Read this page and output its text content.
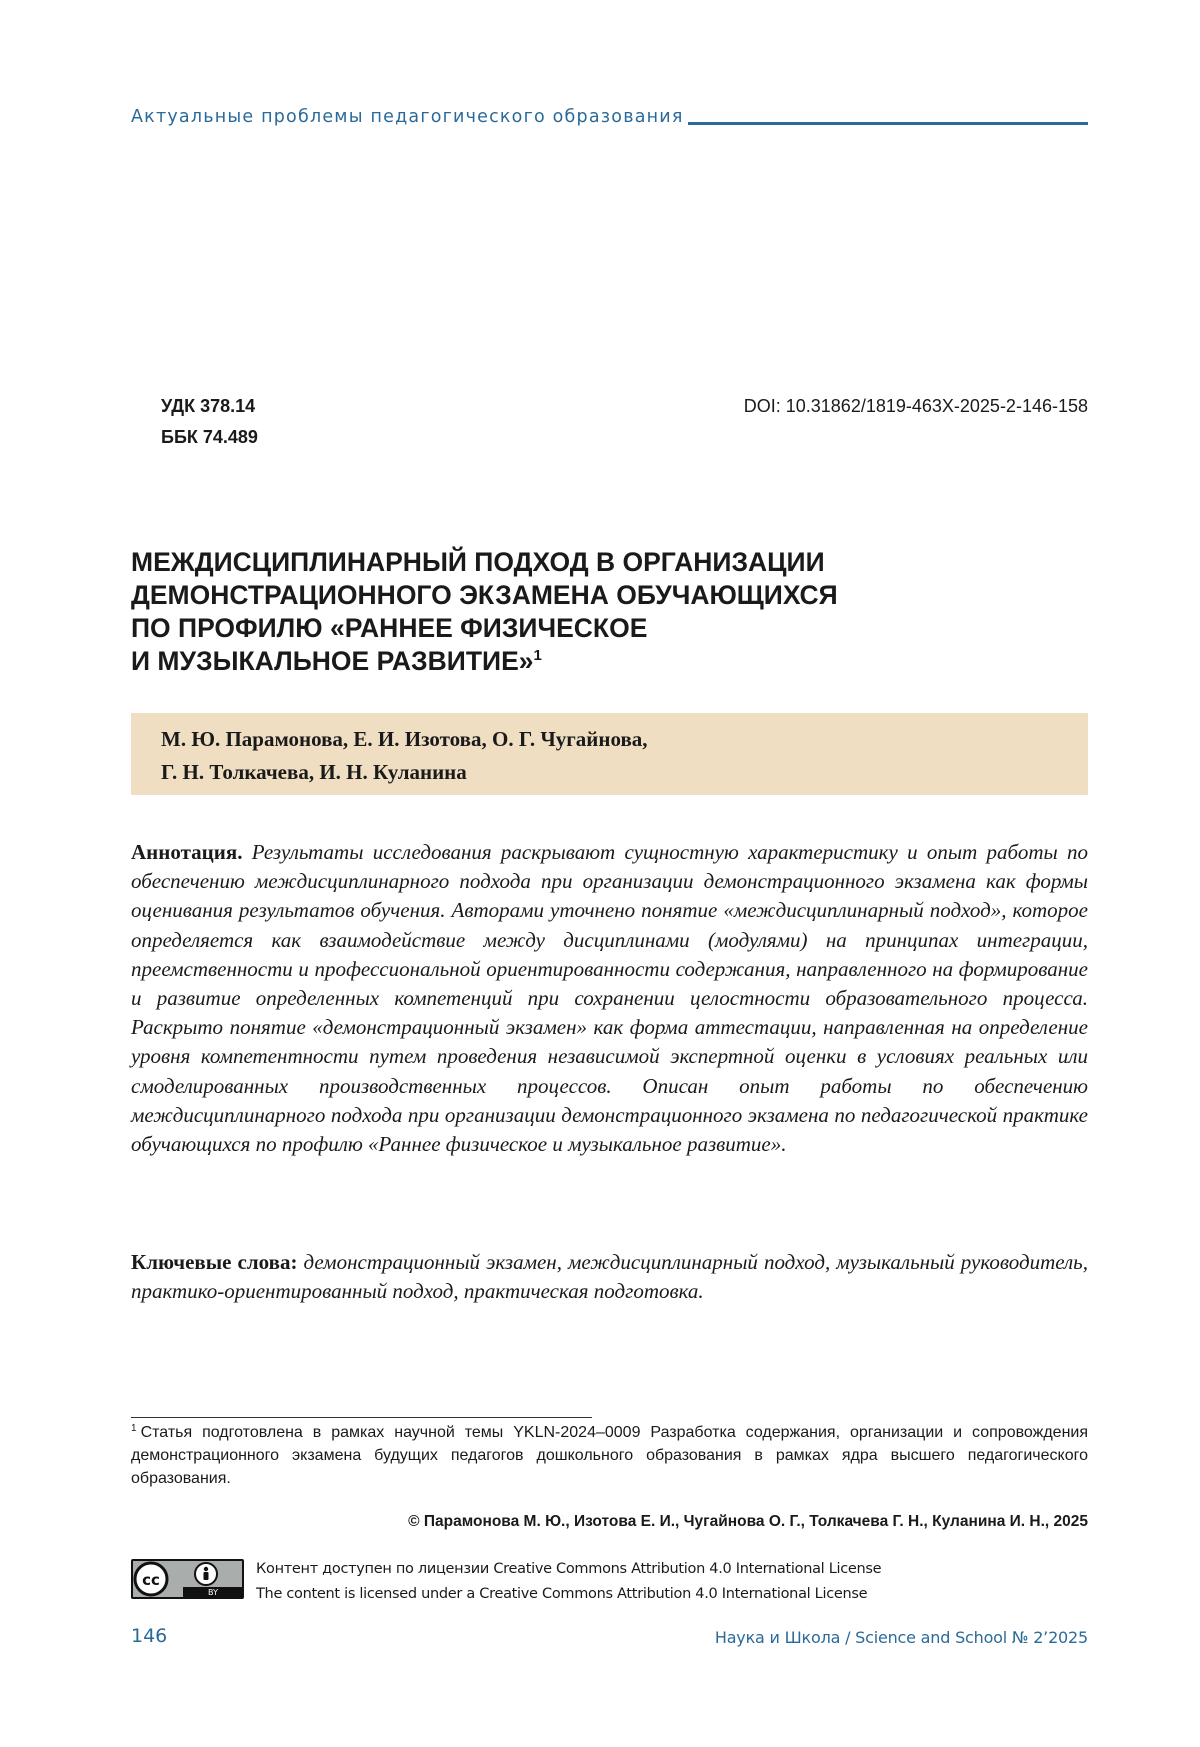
Актуальные проблемы педагогического образования
УДК 378.14
ББК 74.489
DOI: 10.31862/1819-463X-2025-2-146-158
МЕЖДИСЦИПЛИНАРНЫЙ ПОДХОД В ОРГАНИЗАЦИИ
ДЕМОНСТРАЦИОННОГО ЭКЗАМЕНА ОБУЧАЮЩИХСЯ
ПО ПРОФИЛЮ «РАННЕЕ ФИЗИЧЕСКОЕ
И МУЗЫКАЛЬНОЕ РАЗВИТИЕ»$^1$
М. Ю. Парамонова, Е. И. Изотова, О. Г. Чугайнова,
Г. Н. Толкачева, И. Н. Куланина
Аннотация. Результаты исследования раскрывают сущностную характеристику и опыт работы по обеспечению междисциплинарного подхода при организации демонстрационного экзамена как формы оценивания результатов обучения. Авторами уточнено понятие «междисциплинарный подход», которое определяется как взаимодействие между дисциплинами (модулями) на принципах интеграции, преемственности и профессиональной ориентированности содержания, направленного на формирование и развитие определенных компетенций при сохранении целостности образовательного процесса. Раскрыто понятие «демонстрационный экзамен» как форма аттестации, направленная на определение уровня компетентности путем проведения независимой экспертной оценки в условиях реальных или смоделированных производственных процессов. Описан опыт работы по обеспечению междисциплинарного подхода при организации демонстрационного экзамена по педагогической практике обучающихся по профилю «Раннее физическое и музыкальное развитие».
Ключевые слова: демонстрационный экзамен, междисциплинарный подход, музыкальный руководитель, практико-ориентированный подход, практическая подготовка.
$^1$ Статья подготовлена в рамках научной темы YKLN-2024–0009 Разработка содержания, организации и сопровождения демонстрационного экзамена будущих педагогов дошкольного образования в рамках ядра высшего педагогического образования.
© Парамонова М. Ю., Изотова Е. И., Чугайнова О. Г., Толкачева Г. Н., Куланина И. Н., 2025
cc
BY
Контент доступен по лицензии Creative Commons Attribution 4.0 International License
The content is licensed under a Creative Commons Attribution 4.0 International License
146	Наука и Школа / Science and School № 2’2025
